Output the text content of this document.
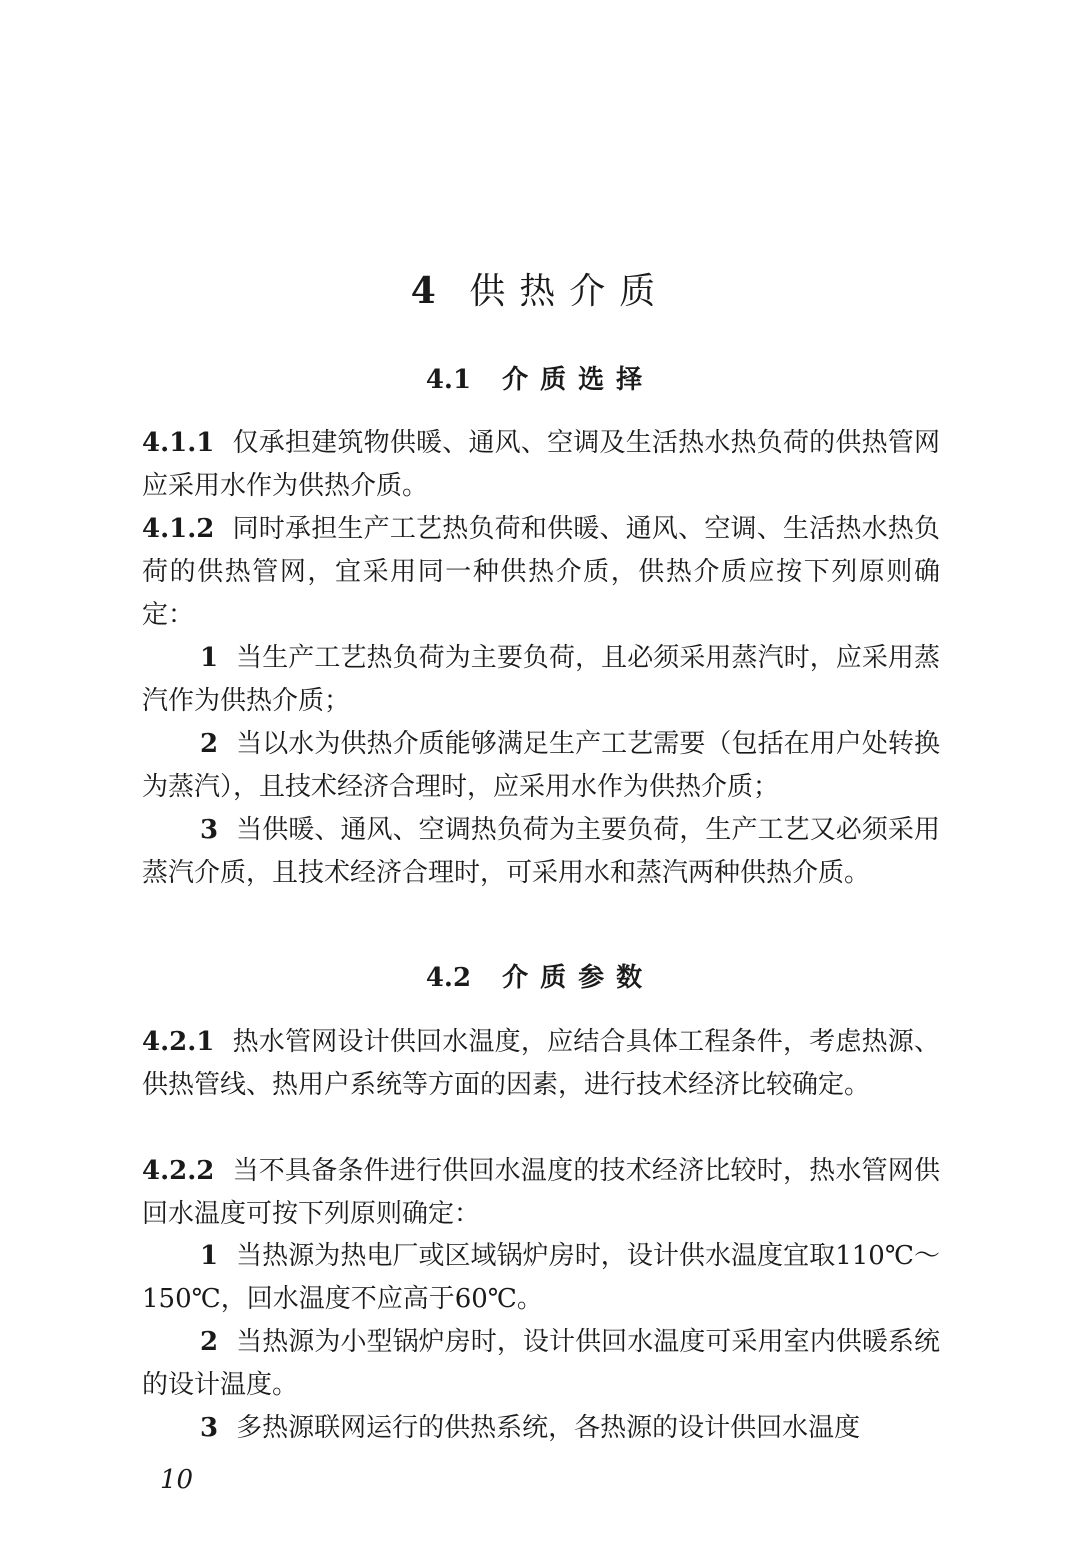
4 供热介质
4.1 介质选择
4.1.1 仅承担建筑物供暖、通风、空调及生活热水热负荷的供热管网应采用水作为供热介质。
4.1.2 同时承担生产工艺热负荷和供暖、通风、空调、生活热水热负荷的供热管网，宜采用同一种供热介质，供热介质应按下列原则确定：
1 当生产工艺热负荷为主要负荷，且必须采用蒸汽时，应采用蒸汽作为供热介质；
2 当以水为供热介质能够满足生产工艺需要（包括在用户处转换为蒸汽），且技术经济合理时，应采用水作为供热介质；
3 当供暖、通风、空调热负荷为主要负荷，生产工艺又必须采用蒸汽介质，且技术经济合理时，可采用水和蒸汽两种供热介质。
4.2 介质参数
4.2.1 热水管网设计供回水温度，应结合具体工程条件，考虑热源、供热管线、热用户系统等方面的因素，进行技术经济比较确定。
4.2.2 当不具备条件进行供回水温度的技术经济比较时，热水管网供回水温度可按下列原则确定：
1 当热源为热电厂或区域锅炉房时，设计供水温度宜取110℃～150℃，回水温度不应高于60℃。
2 当热源为小型锅炉房时，设计供回水温度可采用室内供暖系统的设计温度。
3 多热源联网运行的供热系统，各热源的设计供回水温度
10
